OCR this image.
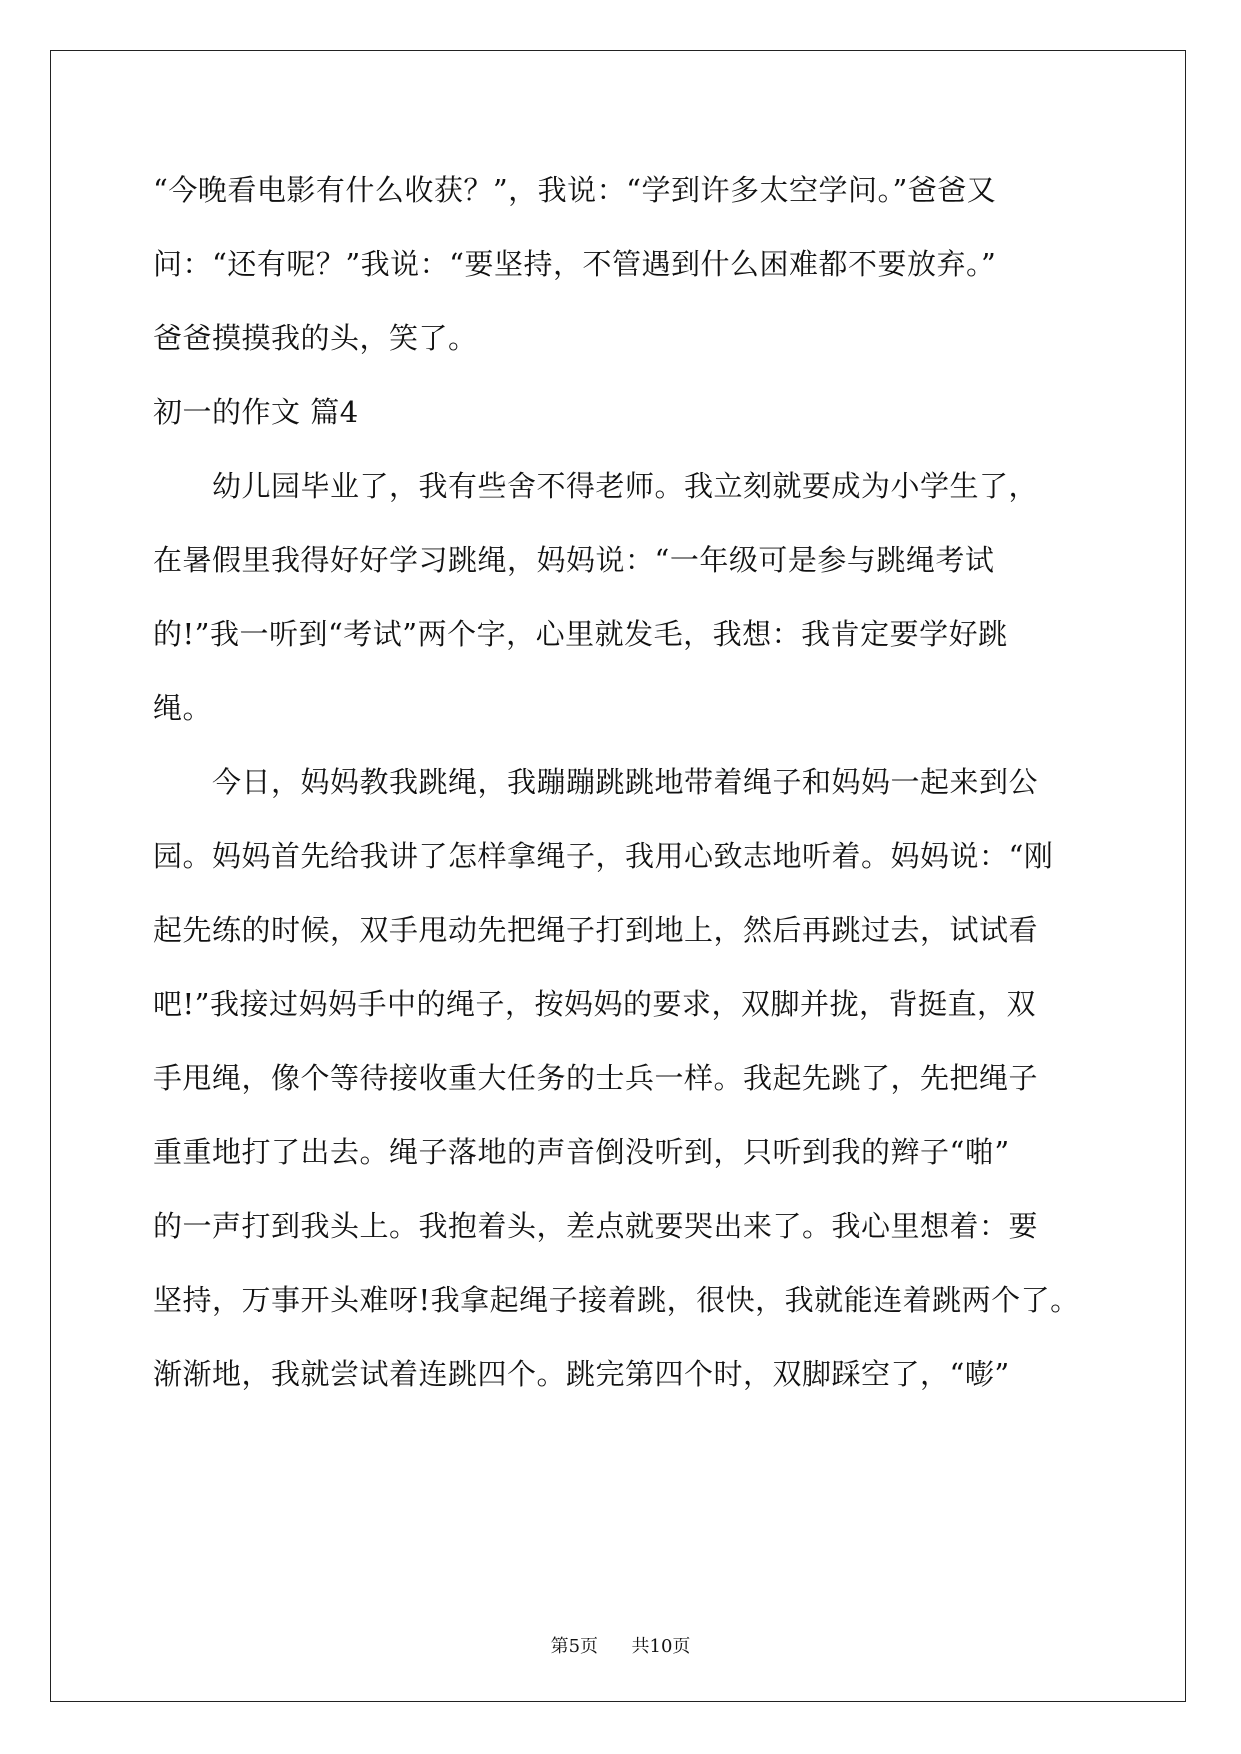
“今晚看电影有什么收获？”，我说：“学到许多太空学问。”爸爸又
问：“还有呢？”我说：“要坚持，不管遇到什么困难都不要放弃。”
爸爸摸摸我的头，笑了。
初一的作文 篇4
　　幼儿园毕业了，我有些舍不得老师。我立刻就要成为小学生了，
在暑假里我得好好学习跳绳，妈妈说：“一年级可是参与跳绳考试
的!”我一听到“考试”两个字，心里就发毛，我想：我肯定要学好跳
绳。
　　今日，妈妈教我跳绳，我蹦蹦跳跳地带着绳子和妈妈一起来到公
园。妈妈首先给我讲了怎样拿绳子，我用心致志地听着。妈妈说：“刚
起先练的时候，双手甩动先把绳子打到地上，然后再跳过去，试试看
吧!”我接过妈妈手中的绳子，按妈妈的要求，双脚并拢，背挺直，双
手甩绳，像个等待接收重大任务的士兵一样。我起先跳了，先把绳子
重重地打了出去。绳子落地的声音倒没听到，只听到我的辫子“啪”
的一声打到我头上。我抱着头，差点就要哭出来了。我心里想着：要
坚持，万事开头难呀!我拿起绳子接着跳，很快，我就能连着跳两个了。
渐渐地，我就尝试着连跳四个。跳完第四个时，双脚踩空了，“嘭”
第5页 共10页
